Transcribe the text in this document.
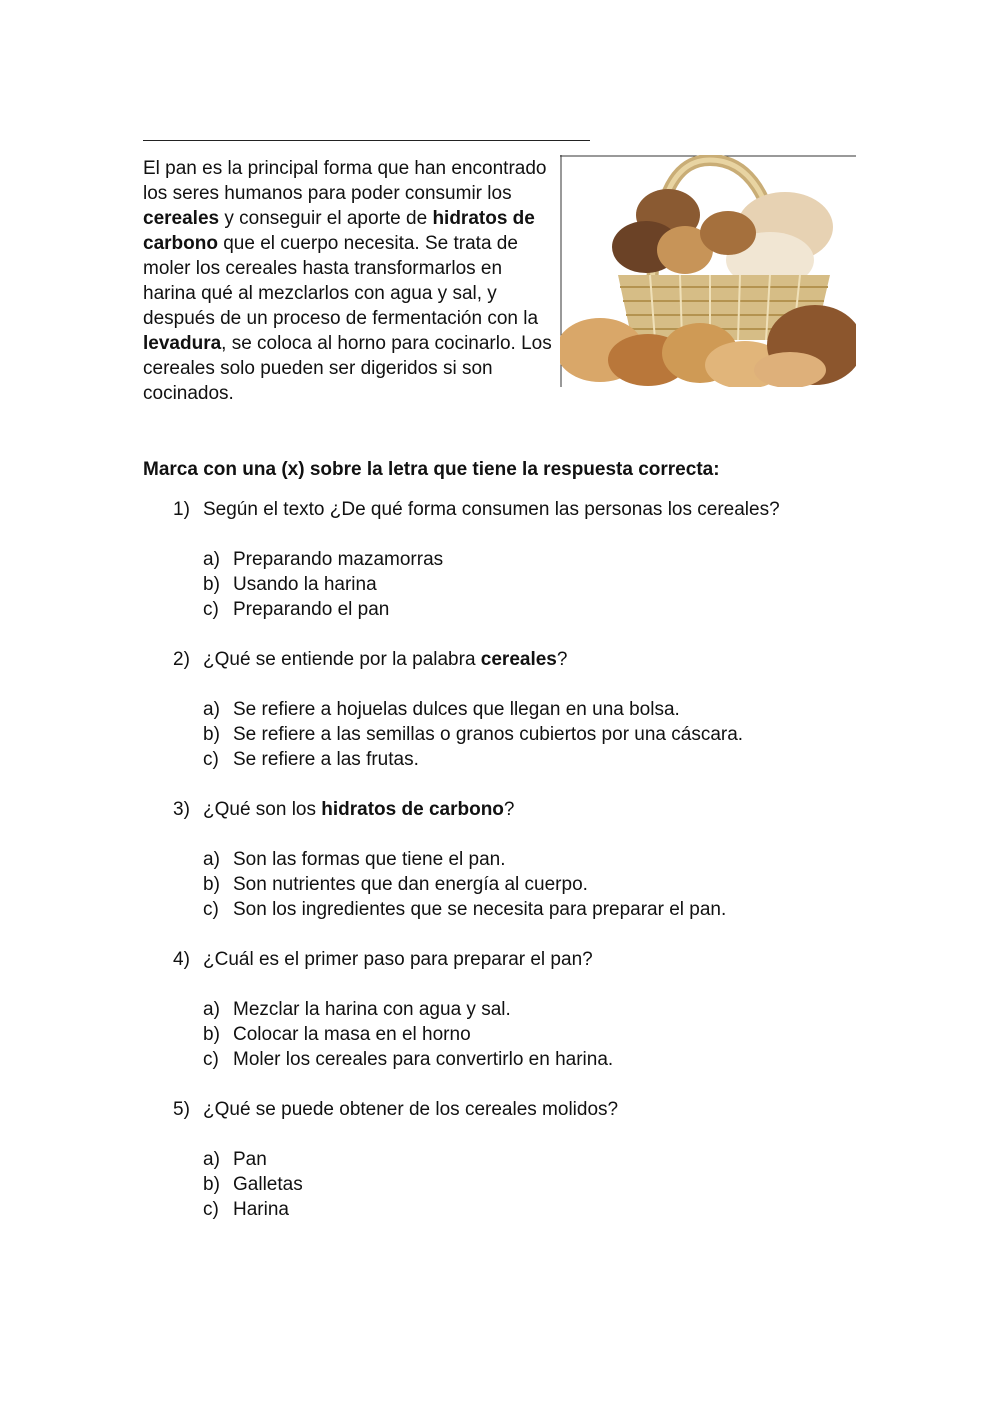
El pan es la principal forma que han encontrado los seres humanos para poder consumir los cereales y conseguir el aporte de hidratos de carbono que el cuerpo necesita. Se trata de moler los cereales hasta transformarlos en harina qué al mezclarlos con agua y sal, y después de un proceso de fermentación con la levadura, se coloca al horno para cocinarlo. Los cereales solo pueden ser digeridos si son cocinados.

Marca con una (x) sobre la letra que tiene la respuesta correcta:

1) Según el texto ¿De qué forma consumen las personas los cereales?
a) Preparando mazamorras
b) Usando la harina
c) Preparando el pan
2) ¿Qué se entiende por la palabra cereales?
a) Se refiere a hojuelas dulces que llegan en una bolsa.
b) Se refiere a las semillas o granos cubiertos por una cáscara.
c) Se refiere a las frutas.
3) ¿Qué son los hidratos de carbono?
a) Son las formas que tiene el pan.
b) Son nutrientes que dan energía al cuerpo.
c) Son los ingredientes que se necesita para preparar el pan.
4) ¿Cuál es el primer paso para preparar el pan?
a) Mezclar la harina con agua y sal.
b) Colocar la masa en el horno
c) Moler los cereales para convertirlo en harina.
5) ¿Qué se puede obtener de los cereales molidos?
a) Pan
b) Galletas
c) Harina
